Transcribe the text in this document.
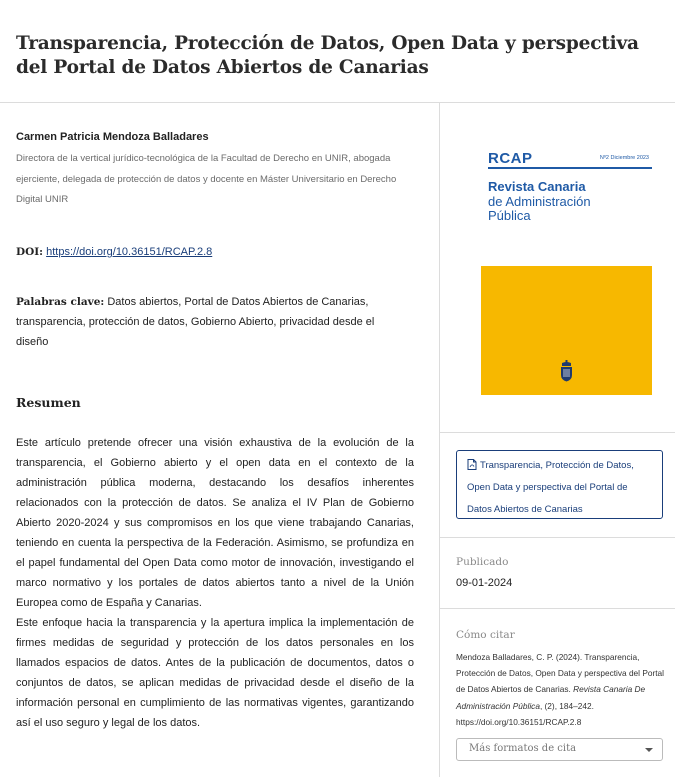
Transparencia, Protección de Datos, Open Data y perspectiva del Portal de Datos Abiertos de Canarias
Carmen Patricia Mendoza Balladares
Directora de la vertical jurídico-tecnológica de la Facultad de Derecho en UNIR, abogada ejerciente, delegada de protección de datos y docente en Máster Universitario en Derecho Digital UNIR
DOI: https://doi.org/10.36151/RCAP.2.8
Palabras clave: Datos abiertos, Portal de Datos Abiertos de Canarias, transparencia, protección de datos, Gobierno Abierto, privacidad desde el diseño
Resumen

Este artículo pretende ofrecer una visión exhaustiva de la evolución de la transparencia, el Gobierno abierto y el open data en el contexto de la administración pública moderna, destacando los desafíos inherentes relacionados con la protección de datos. Se analiza el IV Plan de Gobierno Abierto 2020-2024 y sus compromisos en los que viene trabajando Canarias, teniendo en cuenta la perspectiva de la Federación. Asimismo, se profundiza en el papel fundamental del Open Data como motor de innovación, investigando el marco normativo y los portales de datos abiertos tanto a nivel de la Unión Europea como de España y Canarias.

Este enfoque hacia la transparencia y la apertura implica la implementación de firmes medidas de seguridad y protección de los datos personales en los llamados espacios de datos. Antes de la publicación de documentos, datos o conjuntos de datos, se aplican medidas de privacidad desde el diseño de la información personal en cumplimiento de las normativas vigentes, garantizando así el uso seguro y legal de los datos.

RCAP	Nº2 Diciembre 2023
Revista Canaria
de Administración
Pública
Transparencia, Protección de Datos, Open Data y perspectiva del Portal de Datos Abiertos de Canarias
Publicado
09-01-2024
Cómo citar
Mendoza Balladares, C. P. (2024). Transparencia, Protección de Datos, Open Data y perspectiva del Portal de Datos Abiertos de Canarias. Revista Canaria De Administración Pública, (2), 184–242.
https://doi.org/10.36151/RCAP.2.8
Más formatos de cita
